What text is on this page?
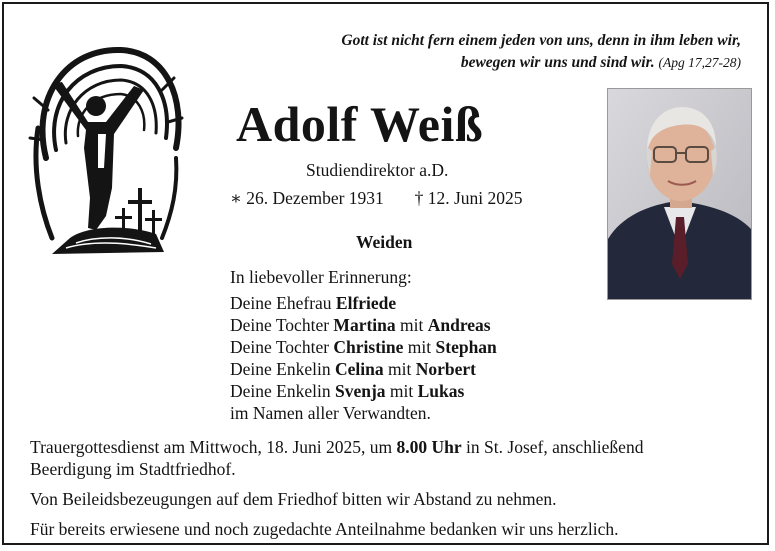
Gott ist nicht fern einem jeden von uns, denn in ihm leben wir,
bewegen wir uns und sind wir. (Apg 17,27-28)
Adolf Weiß
Studiendirektor a.D.
∗ 26. Dezember 1931 † 12. Juni 2025
Weiden
In liebevoller Erinnerung:
Deine Ehefrau Elfriede
Deine Tochter Martina mit Andreas
Deine Tochter Christine mit Stephan
Deine Enkelin Celina mit Norbert
Deine Enkelin Svenja mit Lukas
im Namen aller Verwandten.

Trauergottesdienst am Mittwoch, 18. Juni 2025, um 8.00 Uhr in St. Josef, anschließend
Beerdigung im Stadtfriedhof.

Von Beileidsbezeugungen auf dem Friedhof bitten wir Abstand zu nehmen.

Für bereits erwiesene und noch zugedachte Anteilnahme bedanken wir uns herzlich.
